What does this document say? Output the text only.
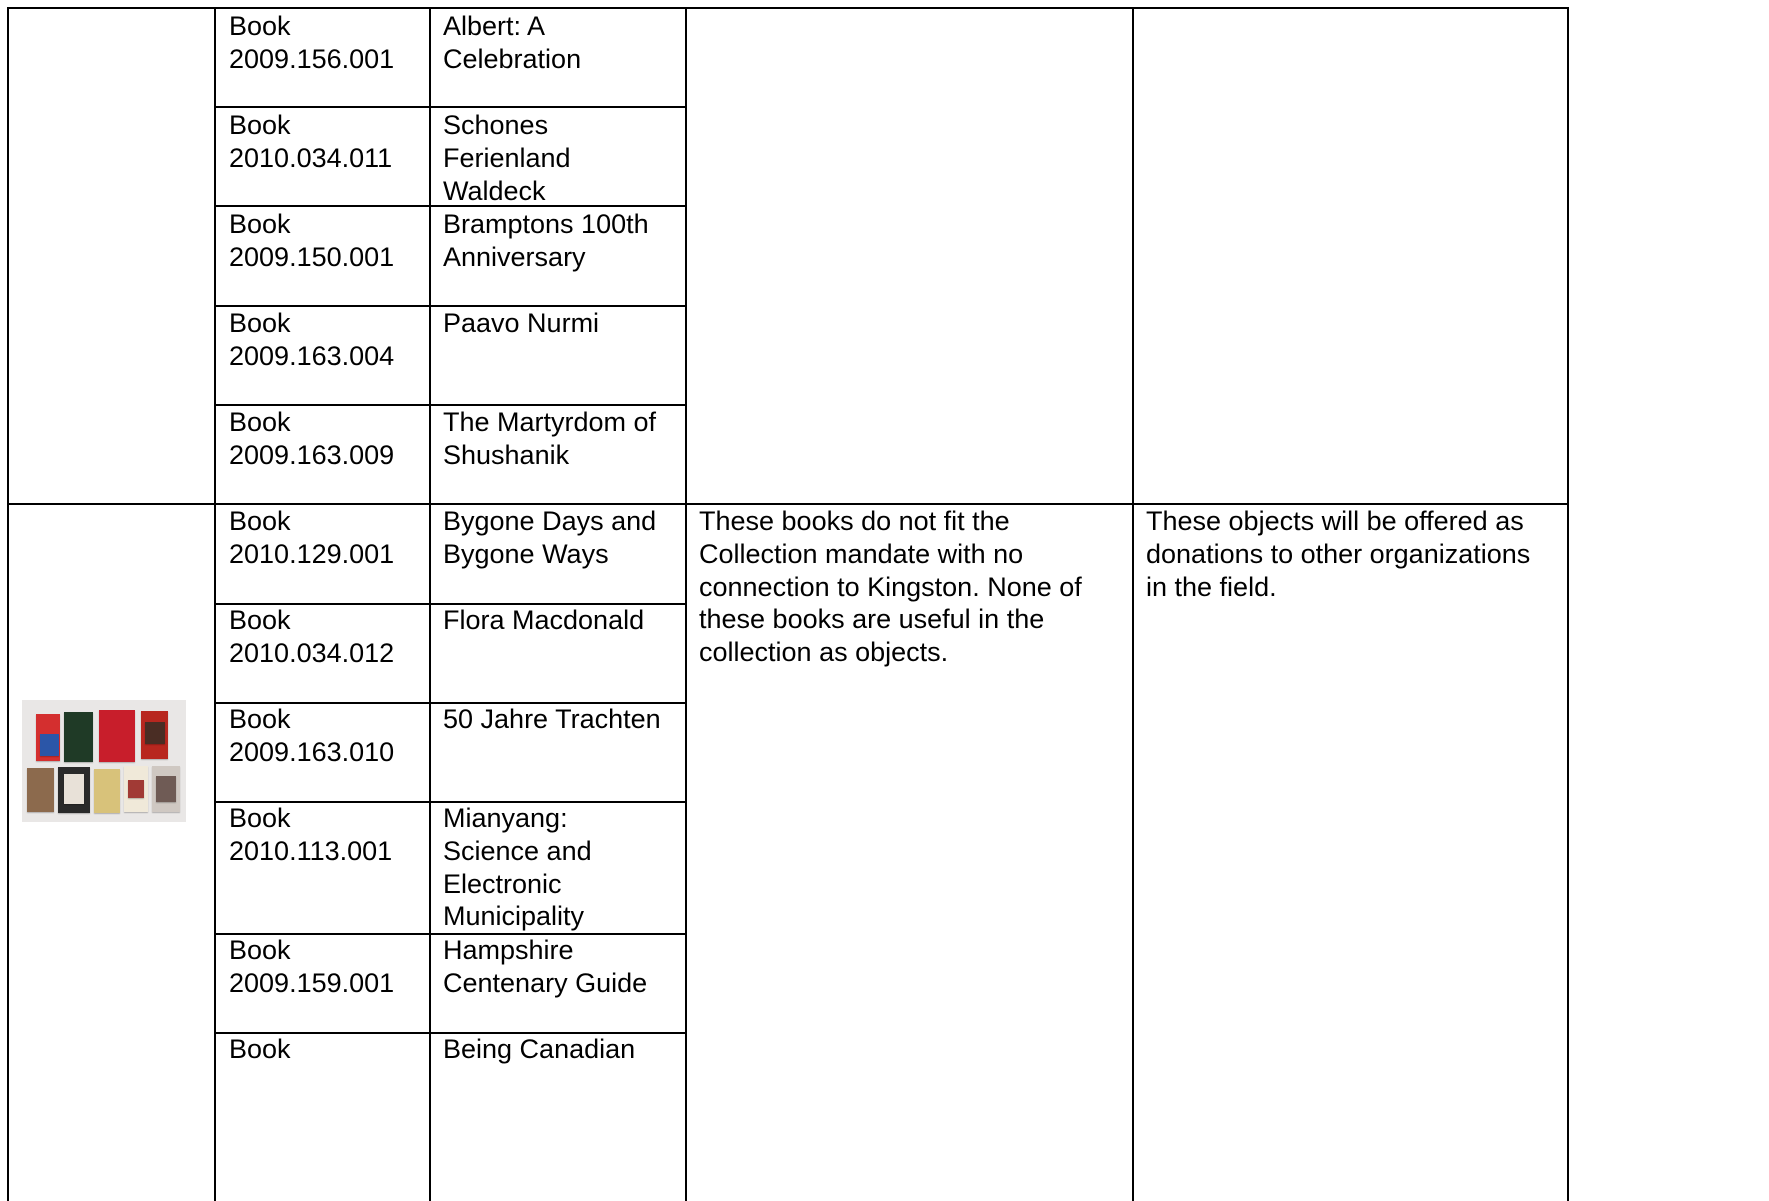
Book
2009.156.001
Albert: A
Celebration
Book
2010.034.011
Schones
Ferienland
Waldeck
Book
2009.150.001
Bramptons 100th
Anniversary
Book
2009.163.004
Paavo Nurmi
Book
2009.163.009
The Martyrdom of
Shushanik
Book
2010.129.001
Bygone Days and
Bygone Ways
Book
2010.034.012
Flora Macdonald
Book
2009.163.010
50 Jahre Trachten
Book
2010.113.001
Mianyang:
Science and
Electronic
Municipality
Book
2009.159.001
Hampshire
Centenary Guide
Book	Being Canadian
These books do not fit the
Collection mandate with no
connection to Kingston. None of
these books are useful in the
collection as objects.
These objects will be offered as
donations to other organizations
in the field.
